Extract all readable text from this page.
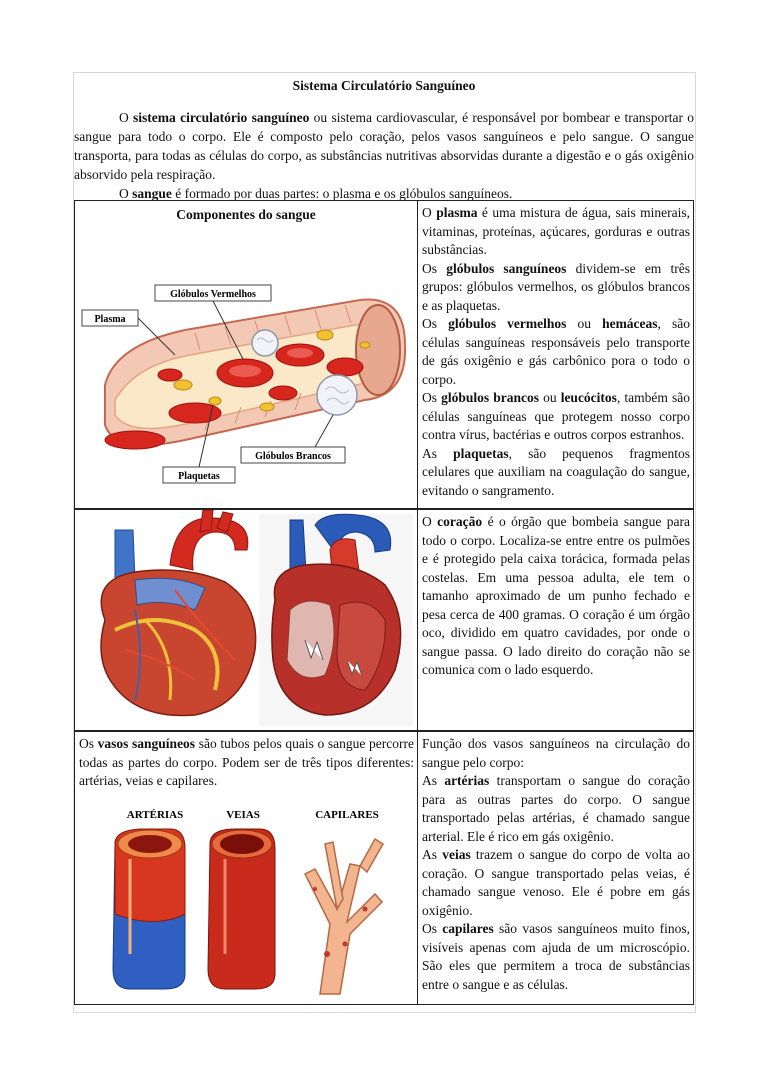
Sistema Circulatório Sanguíneo

O sistema circulatório sanguíneo ou sistema cardiovascular, é responsável por bombear e transportar o sangue para todo o corpo. Ele é composto pelo coração, pelos vasos sanguíneos e pelo sangue. O sangue transporta, para todas as células do corpo, as substâncias nutritivas absorvidas durante a digestão e o gás oxigênio absorvido pela respiração.

O sangue é formado por duas partes: o plasma e os glóbulos sanguíneos.

Componentes do sangue
Plasma
Glóbulos Vermelhos
Glóbulos Brancos
Plaquetas

O plasma é uma mistura de água, sais minerais, vitaminas, proteínas, açúcares, gorduras e outras substâncias.

Os glóbulos sanguíneos dividem-se em três grupos: glóbulos vermelhos, os glóbulos brancos e as plaquetas.

Os glóbulos vermelhos ou hemáceas, são células sanguíneas responsáveis pelo transporte de gás oxigênio e gás carbônico pora o todo o corpo.

Os glóbulos brancos ou leucócitos, também são células sanguíneas que protegem nosso corpo contra vírus, bactérias e outros corpos estranhos.

As plaquetas, são pequenos fragmentos celulares que auxiliam na coagulação do sangue, evitando o sangramento.

O coração é o órgão que bombeia sangue para todo o corpo. Localiza-se entre entre os pulmões e é protegido pela caixa torácica, formada pelas costelas. Em uma pessoa adulta, ele tem o tamanho aproximado de um punho fechado e pesa cerca de 400 gramas. O coração é um órgão oco, dividido em quatro cavidades, por onde o sangue passa. O lado direito do coração não se comunica com o lado esquerdo.

Os vasos sanguíneos são tubos pelos quais o sangue percorre todas as partes do corpo. Podem ser de três tipos diferentes: artérias, veias e capilares.

ARTÉRIAS	VEIAS	CAPILARES

Função dos vasos sanguíneos na circulação do sangue pelo corpo:

As artérias transportam o sangue do coração para as outras partes do corpo. O sangue transportado pelas artérias, é chamado sangue arterial. Ele é rico em gás oxigênio.

As veias trazem o sangue do corpo de volta ao coração. O sangue transportado pelas veias, é chamado sangue venoso. Ele é pobre em gás oxigênio.

Os capilares são vasos sanguíneos muito finos, visíveis apenas com ajuda de um microscópio. São eles que permitem a troca de substâncias entre o sangue e as células.
